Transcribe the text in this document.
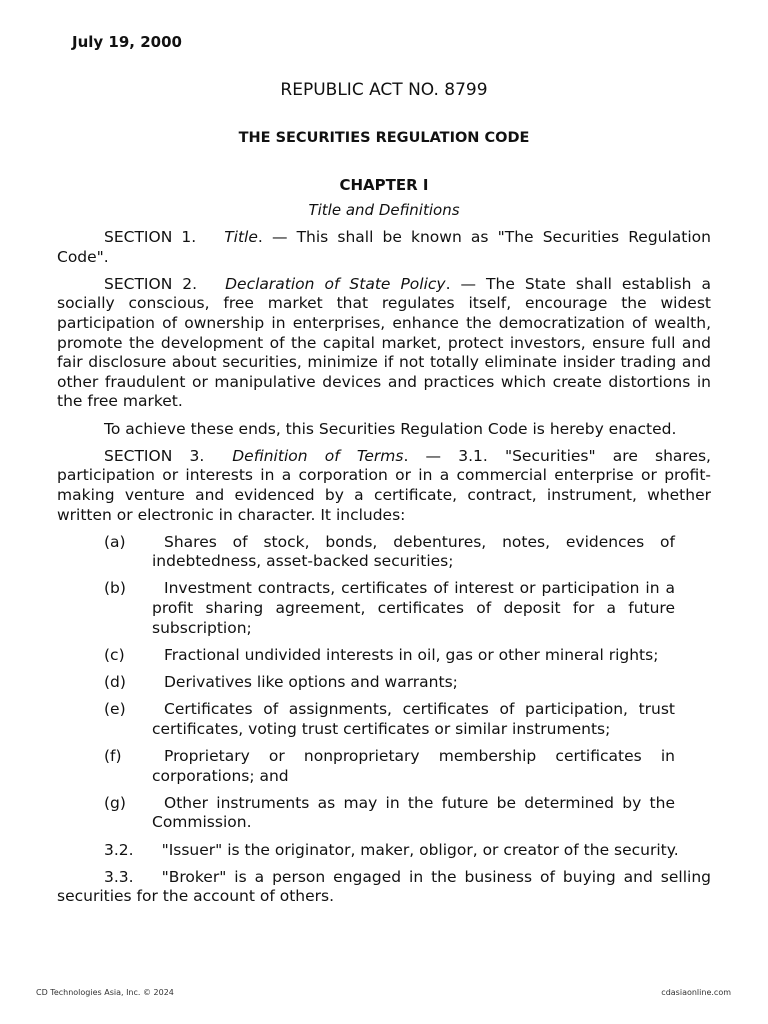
July 19, 2000
REPUBLIC ACT NO. 8799
THE SECURITIES REGULATION CODE
CHAPTER I
Title and Definitions

SECTION 1. Title. — This shall be known as "The Securities Regulation Code".

SECTION 2. Declaration of State Policy. — The State shall establish a socially conscious, free market that regulates itself, encourage the widest participation of ownership in enterprises, enhance the democratization of wealth, promote the development of the capital market, protect investors, ensure full and fair disclosure about securities, minimize if not totally eliminate insider trading and other fraudulent or manipulative devices and practices which create distortions in the free market.

To achieve these ends, this Securities Regulation Code is hereby enacted.

SECTION 3. Definition of Terms. — 3.1. "Securities" are shares, participation or interests in a corporation or in a commercial enterprise or profit-making venture and evidenced by a certificate, contract, instrument, whether written or electronic in character. It includes:

(a)	Shares of stock, bonds, debentures, notes, evidences of indebtedness, asset-backed securities;
(b)	Investment contracts, certificates of interest or participation in a profit sharing agreement, certificates of deposit for a future subscription;
(c)	Fractional undivided interests in oil, gas or other mineral rights;
(d)	Derivatives like options and warrants;
(e)	Certificates of assignments, certificates of participation, trust certificates, voting trust certificates or similar instruments;
(f)	Proprietary or nonproprietary membership certificates in corporations; and
(g)	Other instruments as may in the future be determined by the Commission.

3.2. "Issuer" is the originator, maker, obligor, or creator of the security.

3.3. "Broker" is a person engaged in the business of buying and selling securities for the account of others.

CD Technologies Asia, Inc. © 2024	cdasiaonline.com
